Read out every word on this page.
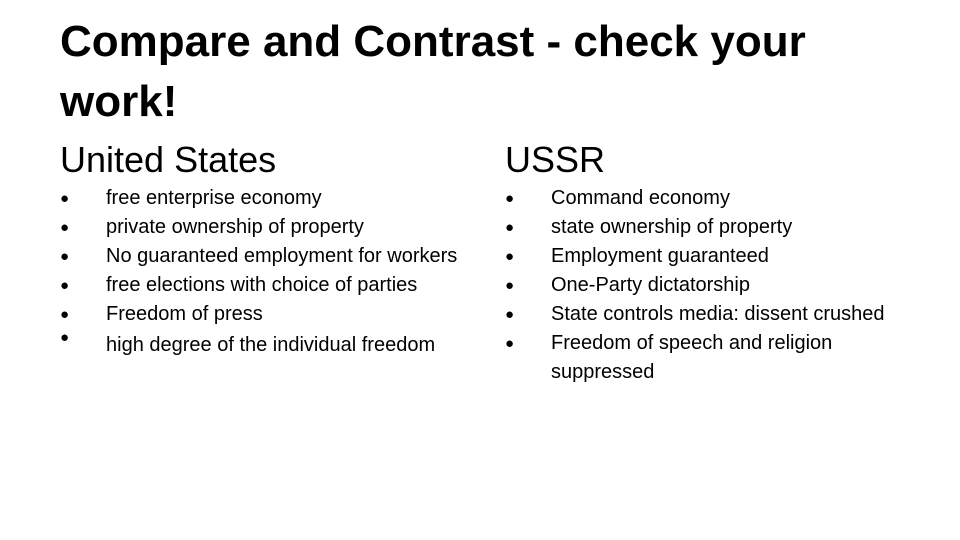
Compare and Contrast - check your work!
United States
●	free enterprise economy
●	private ownership of property
●	No guaranteed employment for workers
●	free elections with choice of parties
●	Freedom of press
●	high degree of the individual freedom
USSR
●	Command economy
●	state ownership of property
●	Employment guaranteed
●	One-Party dictatorship
●	State controls media: dissent crushed
●	Freedom of speech and religion suppressed
